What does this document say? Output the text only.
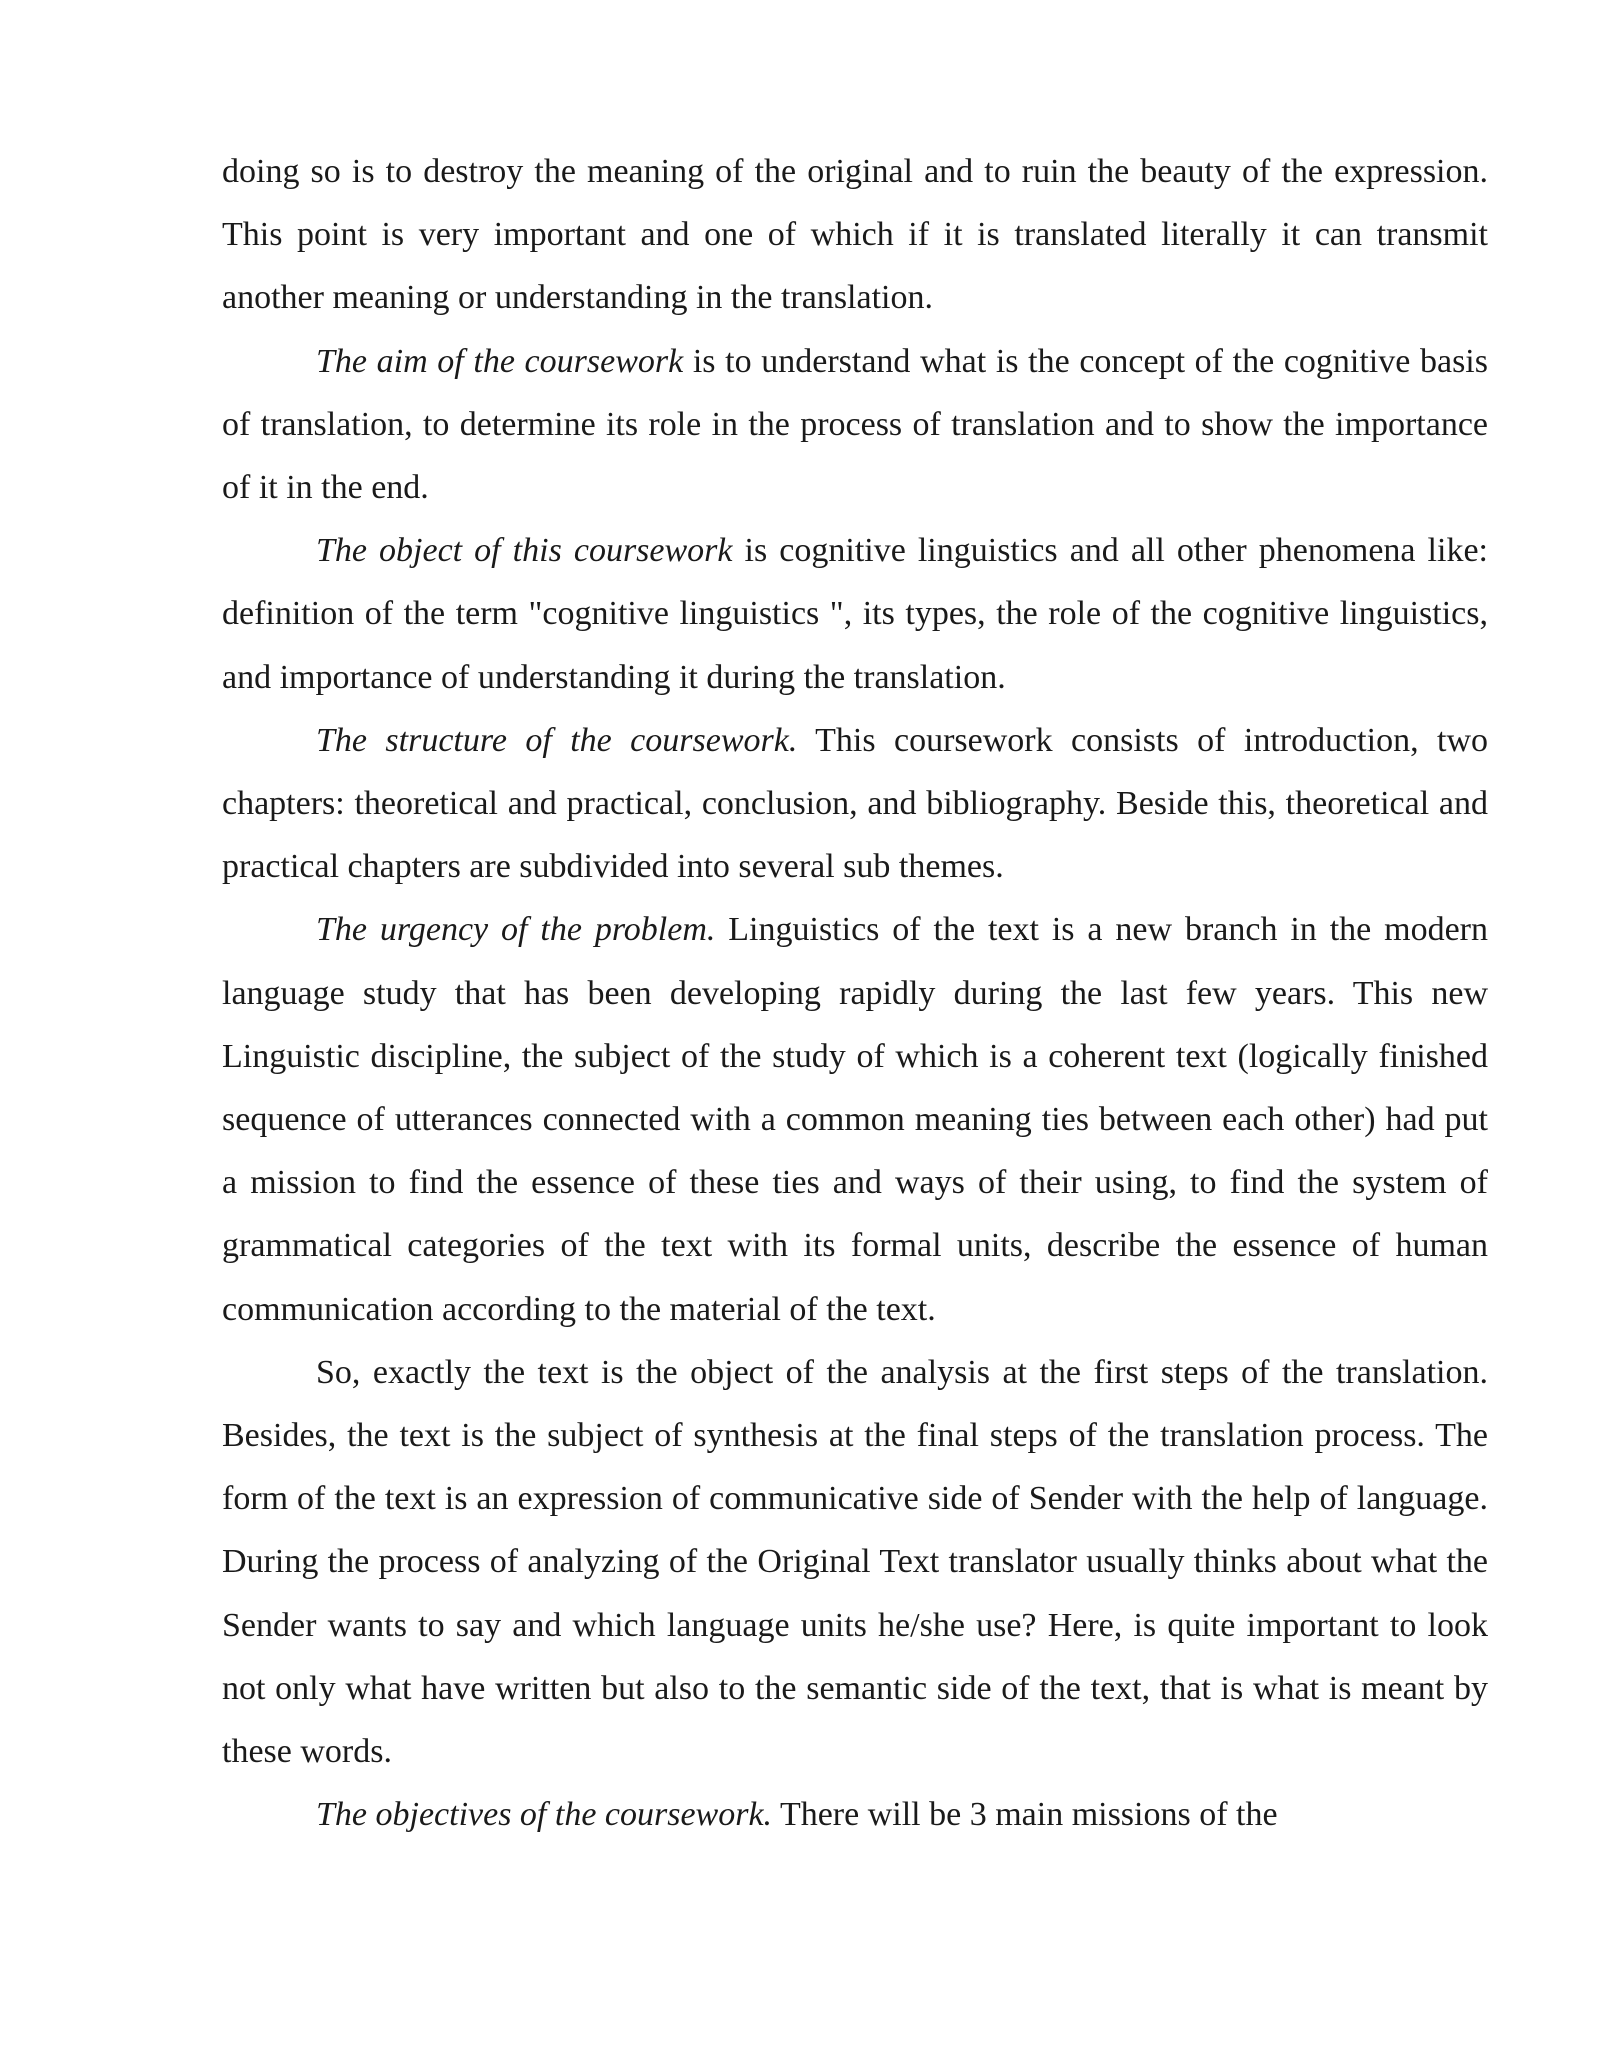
doing so is to destroy the meaning of the original and to ruin the beauty of the expression. This point is very important and one of which if it is translated literally it can transmit another meaning or understanding in the translation.

The aim of the coursework is to understand what is the concept of the cognitive basis of translation, to determine its role in the process of translation and to show the importance of it in the end.

The object of this coursework is cognitive linguistics and all other phenomena like: definition of the term "cognitive linguistics ", its types, the role of the cognitive linguistics, and importance of understanding it during the translation.

The structure of the coursework. This coursework consists of introduction, two chapters: theoretical and practical, conclusion, and bibliography. Beside this, theoretical and practical chapters are subdivided into several sub themes.

The urgency of the problem. Linguistics of the text is a new branch in the modern language study that has been developing rapidly during the last few years. This new Linguistic discipline, the subject of the study of which is a coherent text (logically finished sequence of utterances connected with a common meaning ties between each other) had put a mission to find the essence of these ties and ways of their using, to find the system of grammatical categories of the text with its formal units, describe the essence of human communication according to the material of the text.

So, exactly the text is the object of the analysis at the first steps of the translation. Besides, the text is the subject of synthesis at the final steps of the translation process. The form of the text is an expression of communicative side of Sender with the help of language. During the process of analyzing of the Original Text translator usually thinks about what the Sender wants to say and which language units he/she use? Here, is quite important to look not only what have written but also to the semantic side of the text, that is what is meant by these words.

The objectives of the coursework. There will be 3 main missions of the
